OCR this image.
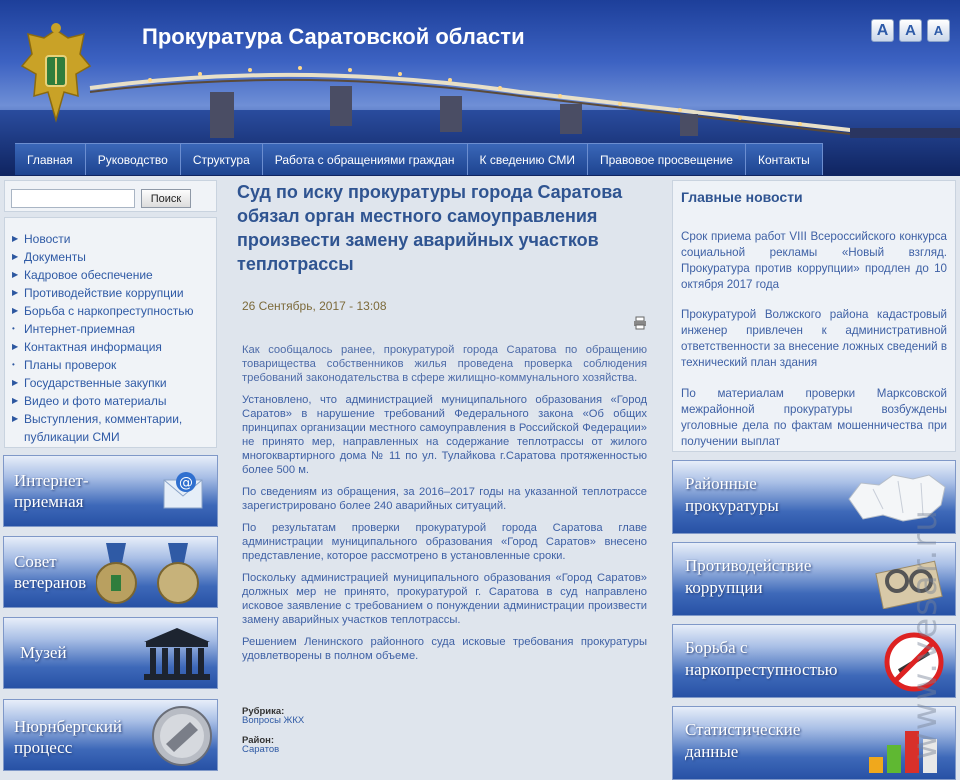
Прокуратура Саратовской области	A	A	A
Главная	Руководство	Структура	Работа с обращениями граждан	К сведению СМИ	Правовое просвещение	Контакты
Поиск
▶ Новости
▶ Документы
▶ Кадровое обеспечение
▶ Противодействие коррупции
▶ Борьба с наркопреступностью
• Интернет-приемная
▶ Контактная информация
• Планы проверок
▶ Государственные закупки
▶ Видео и фото материалы
▶ Выступления, комментарии, публикации СМИ
Интернет-
приемная
@
Совет
ветеранов
Музей
Нюрнбергский
процесс
Суд по иску прокуратуры города Саратова обязал орган местного самоуправления произвести замену аварийных участков теплотрассы
26 Сентябрь, 2017 - 13:08

Как сообщалось ранее, прокуратурой города Саратова по обращению товарищества собственников жилья проведена проверка соблюдения требований законодательства в сфере жилищно-коммунального хозяйства.

Установлено, что администрацией муниципального образования «Город Саратов» в нарушение требований Федерального закона «Об общих принципах организации местного самоуправления в Российской Федерации» не принято мер, направленных на содержание теплотрассы от жилого многоквартирного дома № 11 по ул. Тулайкова г.Саратова протяженностью более 500 м.

По сведениям из обращения, за 2016–2017 годы на указанной теплотрассе зарегистрировано более 240 аварийных ситуаций.

По результатам проверки прокуратурой города Саратова главе администрации муниципального образования «Город Саратов» внесено представление, которое рассмотрено в установленные сроки.

Поскольку администрацией муниципального образования «Город Саратов» должных мер не принято, прокуратурой г. Саратова в суд направлено исковое заявление с требованием о понуждении администрации произвести замену аварийных участков теплотрассы.

Решением Ленинского районного суда исковые требования прокуратуры удовлетворены в полном объеме.

Рубрика:
Вопросы ЖКХ
Район:
Саратов
Главные новости
Срок приема работ VIII Всероссийского конкурса социальной рекламы «Новый взгляд. Прокуратура против коррупции» продлен до 10 октября 2017 года
Прокуратурой Волжского района кадастровый инженер привлечен к административной ответственности за внесение ложных сведений в технический план здания
По материалам проверки Марксовской межрайонной прокуратуры возбуждены уголовные дела по фактам мошенничества при получении выплат
Районные
прокуратуры
Противодействие
коррупции
Борьба с
наркопреступностью
Статистические
данные	www.vesar.ru
